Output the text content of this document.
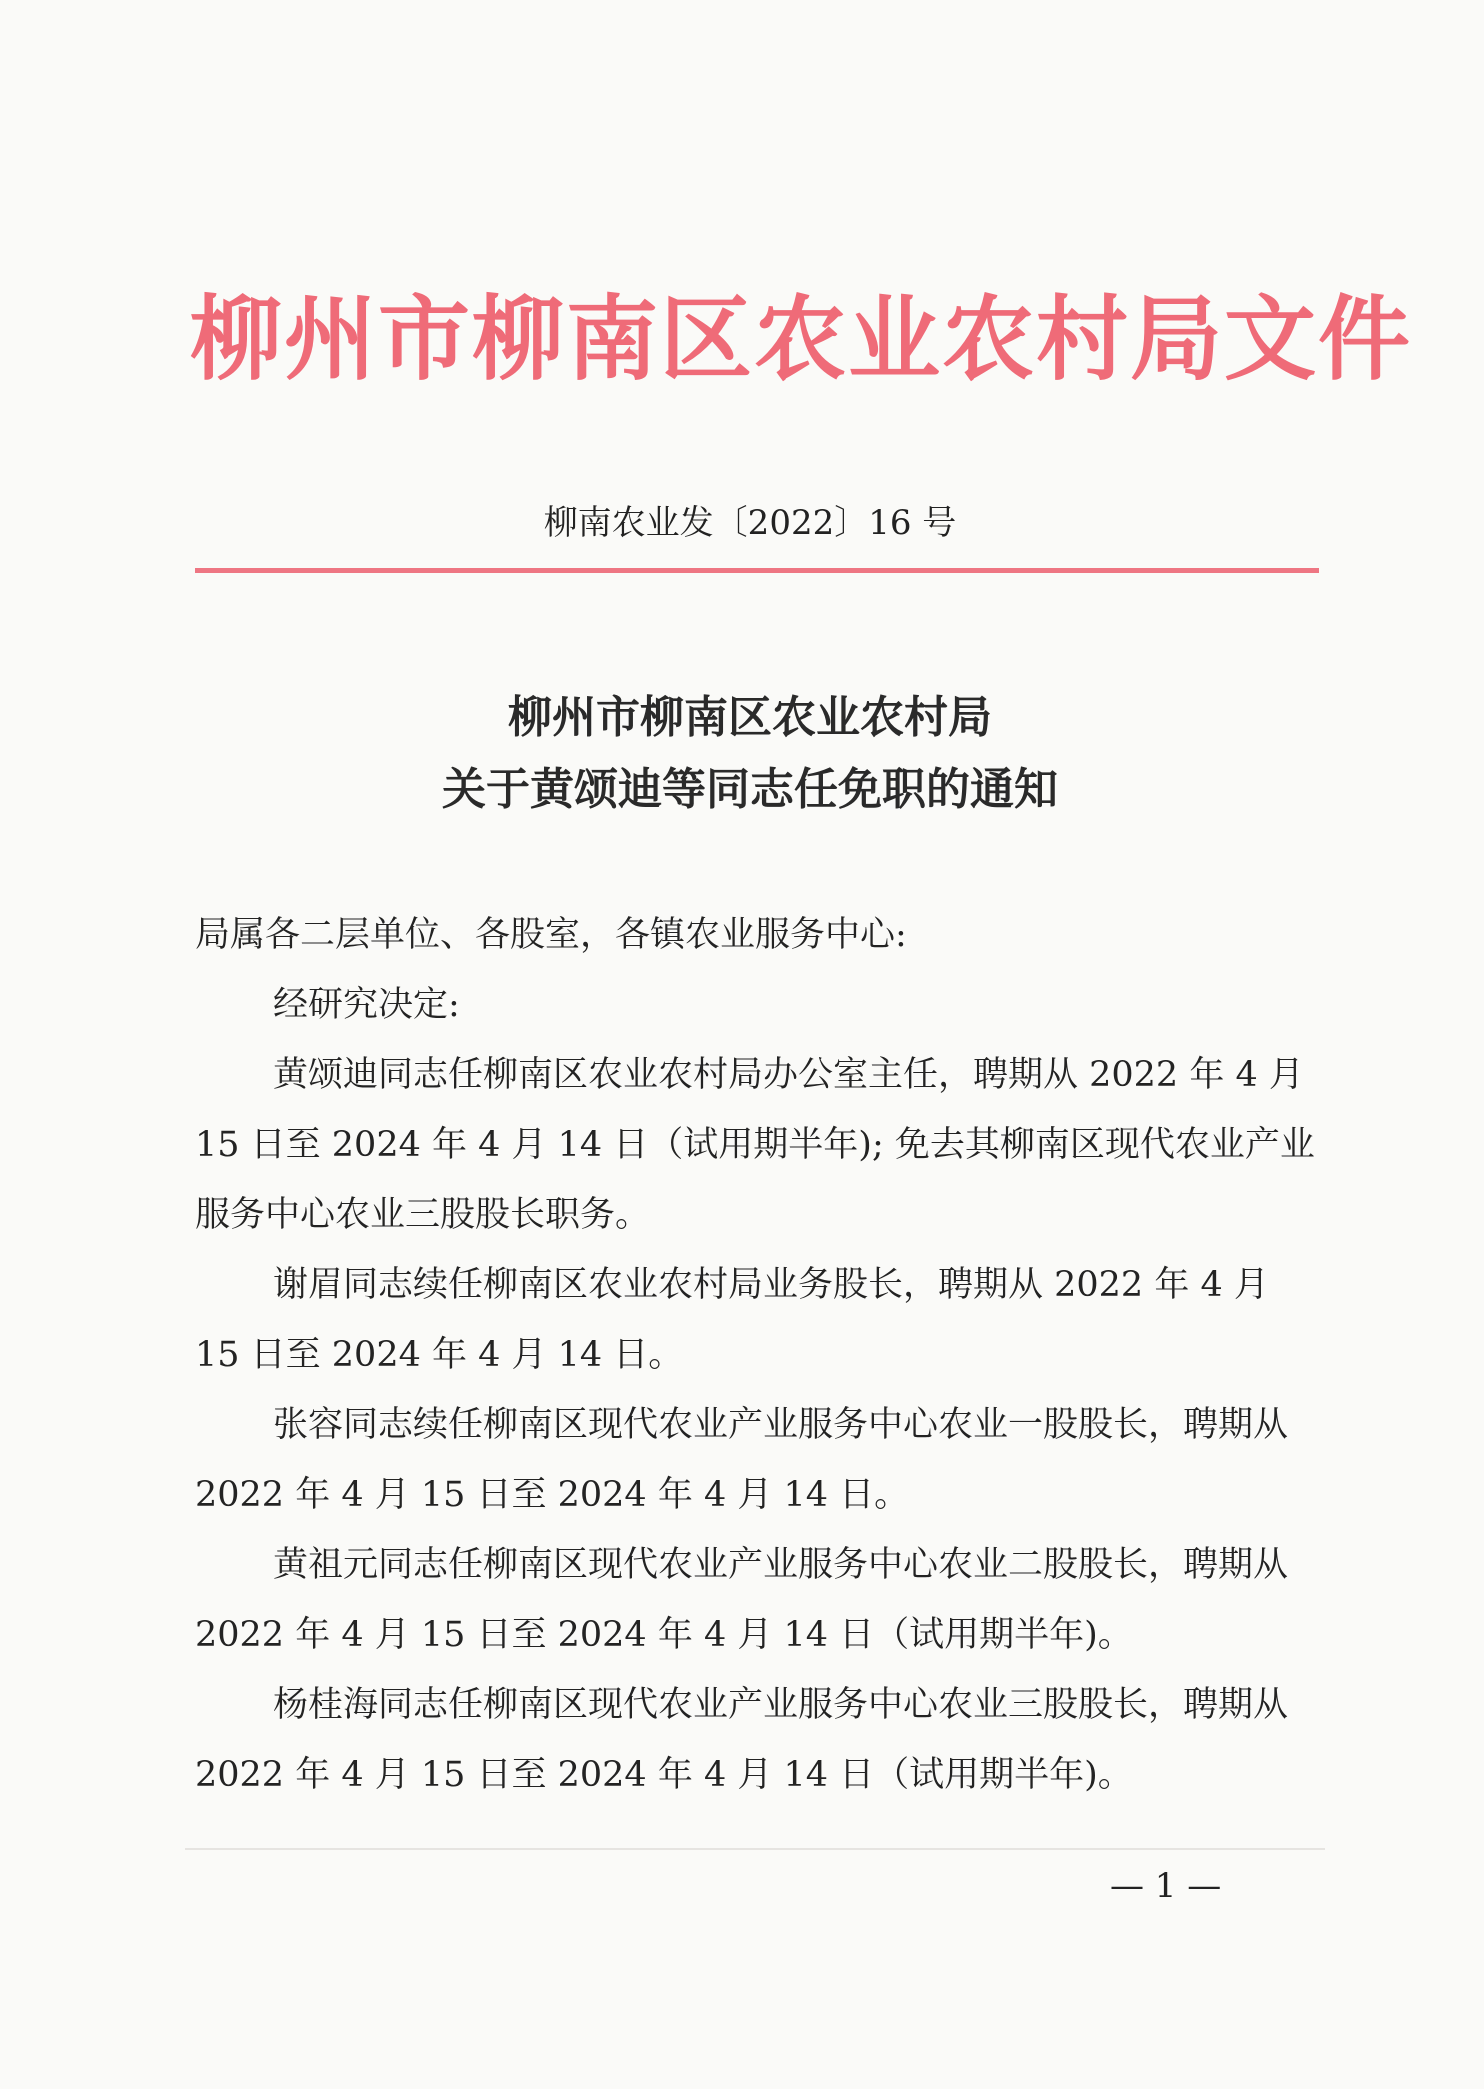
柳州市柳南区农业农村局文件
柳南农业发〔2022〕16 号
柳州市柳南区农业农村局
关于黄颂迪等同志任免职的通知

局属各二层单位、各股室，各镇农业服务中心:

经研究决定:

黄颂迪同志任柳南区农业农村局办公室主任，聘期从 2022 年 4 月 15 日至 2024 年 4 月 14 日（试用期半年); 免去其柳南区现代农业产业服务中心农业三股股长职务。

谢眉同志续任柳南区农业农村局业务股长，聘期从 2022 年 4 月 15 日至 2024 年 4 月 14 日。

张容同志续任柳南区现代农业产业服务中心农业一股股长，聘期从 2022 年 4 月 15 日至 2024 年 4 月 14 日。

黄祖元同志任柳南区现代农业产业服务中心农业二股股长，聘期从 2022 年 4 月 15 日至 2024 年 4 月 14 日（试用期半年)。

杨桂海同志任柳南区现代农业产业服务中心农业三股股长，聘期从 2022 年 4 月 15 日至 2024 年 4 月 14 日（试用期半年)。

— 1 —
